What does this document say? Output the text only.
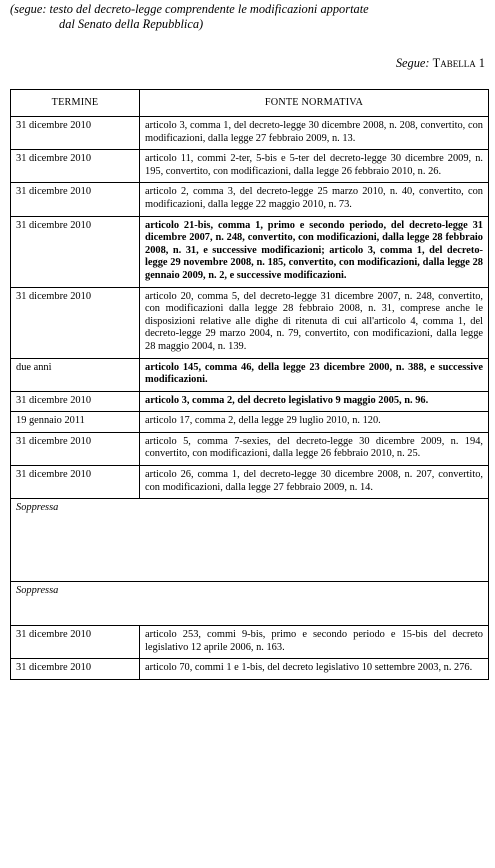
(segue: testo del decreto-legge comprendente le modificazioni apportate
dal Senato della Repubblica)
Segue: Tabella 1
TERMINE	FONTE NORMATIVA
31 dicembre 2010	articolo 3, comma 1, del decreto-legge 30 dicembre 2008, n. 208, convertito, con modificazioni, dalla legge 27 febbraio 2009, n. 13.
31 dicembre 2010	articolo 11, commi 2-ter, 5-bis e 5-ter del decreto-legge 30 dicembre 2009, n. 195, convertito, con modificazioni, dalla legge 26 febbraio 2010, n. 26.
31 dicembre 2010	articolo 2, comma 3, del decreto-legge 25 marzo 2010, n. 40, convertito, con modificazioni, dalla legge 22 maggio 2010, n. 73.
31 dicembre 2010	articolo 21-bis, comma 1, primo e secondo periodo, del decreto-legge 31 dicembre 2007, n. 248, convertito, con modificazioni, dalla legge 28 febbraio 2008, n. 31, e successive modificazioni; articolo 3, comma 1, del decreto-legge 29 novembre 2008, n. 185, convertito, con modificazioni, dalla legge 28 gennaio 2009, n. 2, e successive modificazioni.
31 dicembre 2010	articolo 20, comma 5, del decreto-legge 31 dicembre 2007, n. 248, convertito, con modificazioni dalla legge 28 febbraio 2008, n. 31, comprese anche le disposizioni relative alle dighe di ritenuta di cui all'articolo 4, comma 1, del decreto-legge 29 marzo 2004, n. 79, convertito, con modificazioni, dalla legge 28 maggio 2004, n. 139.
due anni	articolo 145, comma 46, della legge 23 dicembre 2000, n. 388, e successive modificazioni.
31 dicembre 2010	articolo 3, comma 2, del decreto legislativo 9 maggio 2005, n. 96.
19 gennaio 2011	articolo 17, comma 2, della legge 29 luglio 2010, n. 120.
31 dicembre 2010	articolo 5, comma 7-sexies, del decreto-legge 30 dicembre 2009, n. 194, convertito, con modificazioni, dalla legge 26 febbraio 2010, n. 25.
31 dicembre 2010	articolo 26, comma 1, del decreto-legge 30 dicembre 2008, n. 207, convertito, con modificazioni, dalla legge 27 febbraio 2009, n. 14.
Soppressa	
Soppressa	
31 dicembre 2010	articolo 253, commi 9-bis, primo e secondo periodo e 15-bis del decreto legislativo 12 aprile 2006, n. 163.
31 dicembre 2010	articolo 70, commi 1 e 1-bis, del decreto legislativo 10 settembre 2003, n. 276.
